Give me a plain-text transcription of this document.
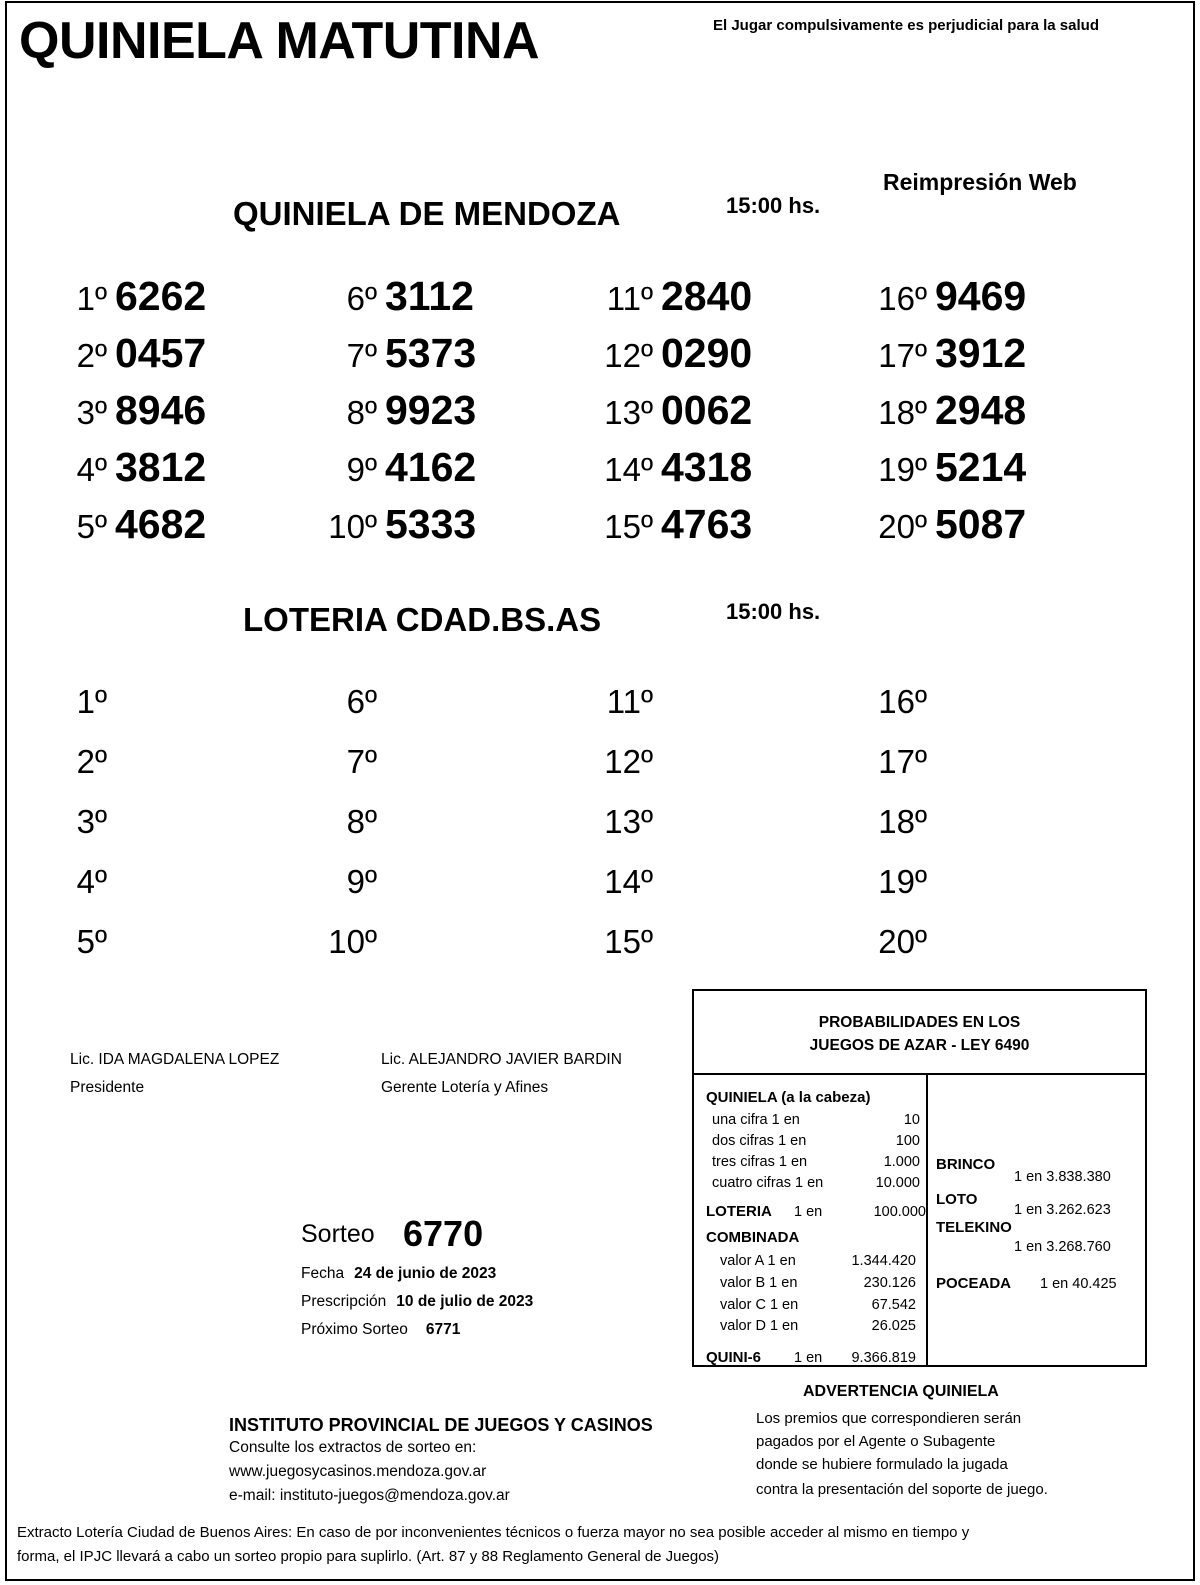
QUINIELA MATUTINA	El Jugar compulsivamente es perjudicial para la salud
Reimpresión Web
QUINIELA DE MENDOZA	15:00 hs.
1º 6262
2º 0457
3º 8946
4º 3812
5º 4682
6º 3112
7º 5373
8º 9923
9º 4162
10º 5333
11º 2840
12º 0290
13º 0062
14º 4318
15º 4763
16º 9469
17º 3912
18º 2948
19º 5214
20º 5087
LOTERIA CDAD.BS.AS	15:00 hs.
1º
2º
3º
4º
5º
6º
7º
8º
9º
10º
11º
12º
13º
14º
15º
16º
17º
18º
19º
20º
Lic. IDA MAGDALENA LOPEZ
Presidente
Lic. ALEJANDRO JAVIER BARDIN
Gerente Lotería y Afines
Sorteo 6770
Fecha 24 de junio de 2023
Prescripción 10 de julio de 2023
Próximo Sorteo 6771
INSTITUTO PROVINCIAL DE JUEGOS Y CASINOS
Consulte los extractos de sorteo en:
www.juegosycasinos.mendoza.gov.ar
e-mail: instituto-juegos@mendoza.gov.ar
PROBABILIDADES EN LOS
JUEGOS DE AZAR - LEY 6490
QUINIELA (a la cabeza)
una cifra 1 en	10
dos cifras 1 en	100
tres cifras 1 en	1.000
cuatro cifras 1 en	10.000
LOTERIA 1 en	100.000
COMBINADA
valor A 1 en	1.344.420
valor B 1 en	230.126
valor C 1 en	67.542
valor D 1 en	26.025
QUINI-6 1 en	9.366.819
BRINCO
1 en 3.838.380
LOTO
1 en 3.262.623
TELEKINO
1 en 3.268.760
POCEADA 1 en 40.425
ADVERTENCIA QUINIELA
Los premios que correspondieren serán
pagados por el Agente o Subagente
donde se hubiere formulado la jugada
contra la presentación del soporte de juego.
Extracto Lotería Ciudad de Buenos Aires: En caso de por inconvenientes técnicos o fuerza mayor no sea posible acceder al mismo en tiempo y
forma, el IPJC llevará a cabo un sorteo propio para suplirlo. (Art. 87 y 88 Reglamento General de Juegos)
